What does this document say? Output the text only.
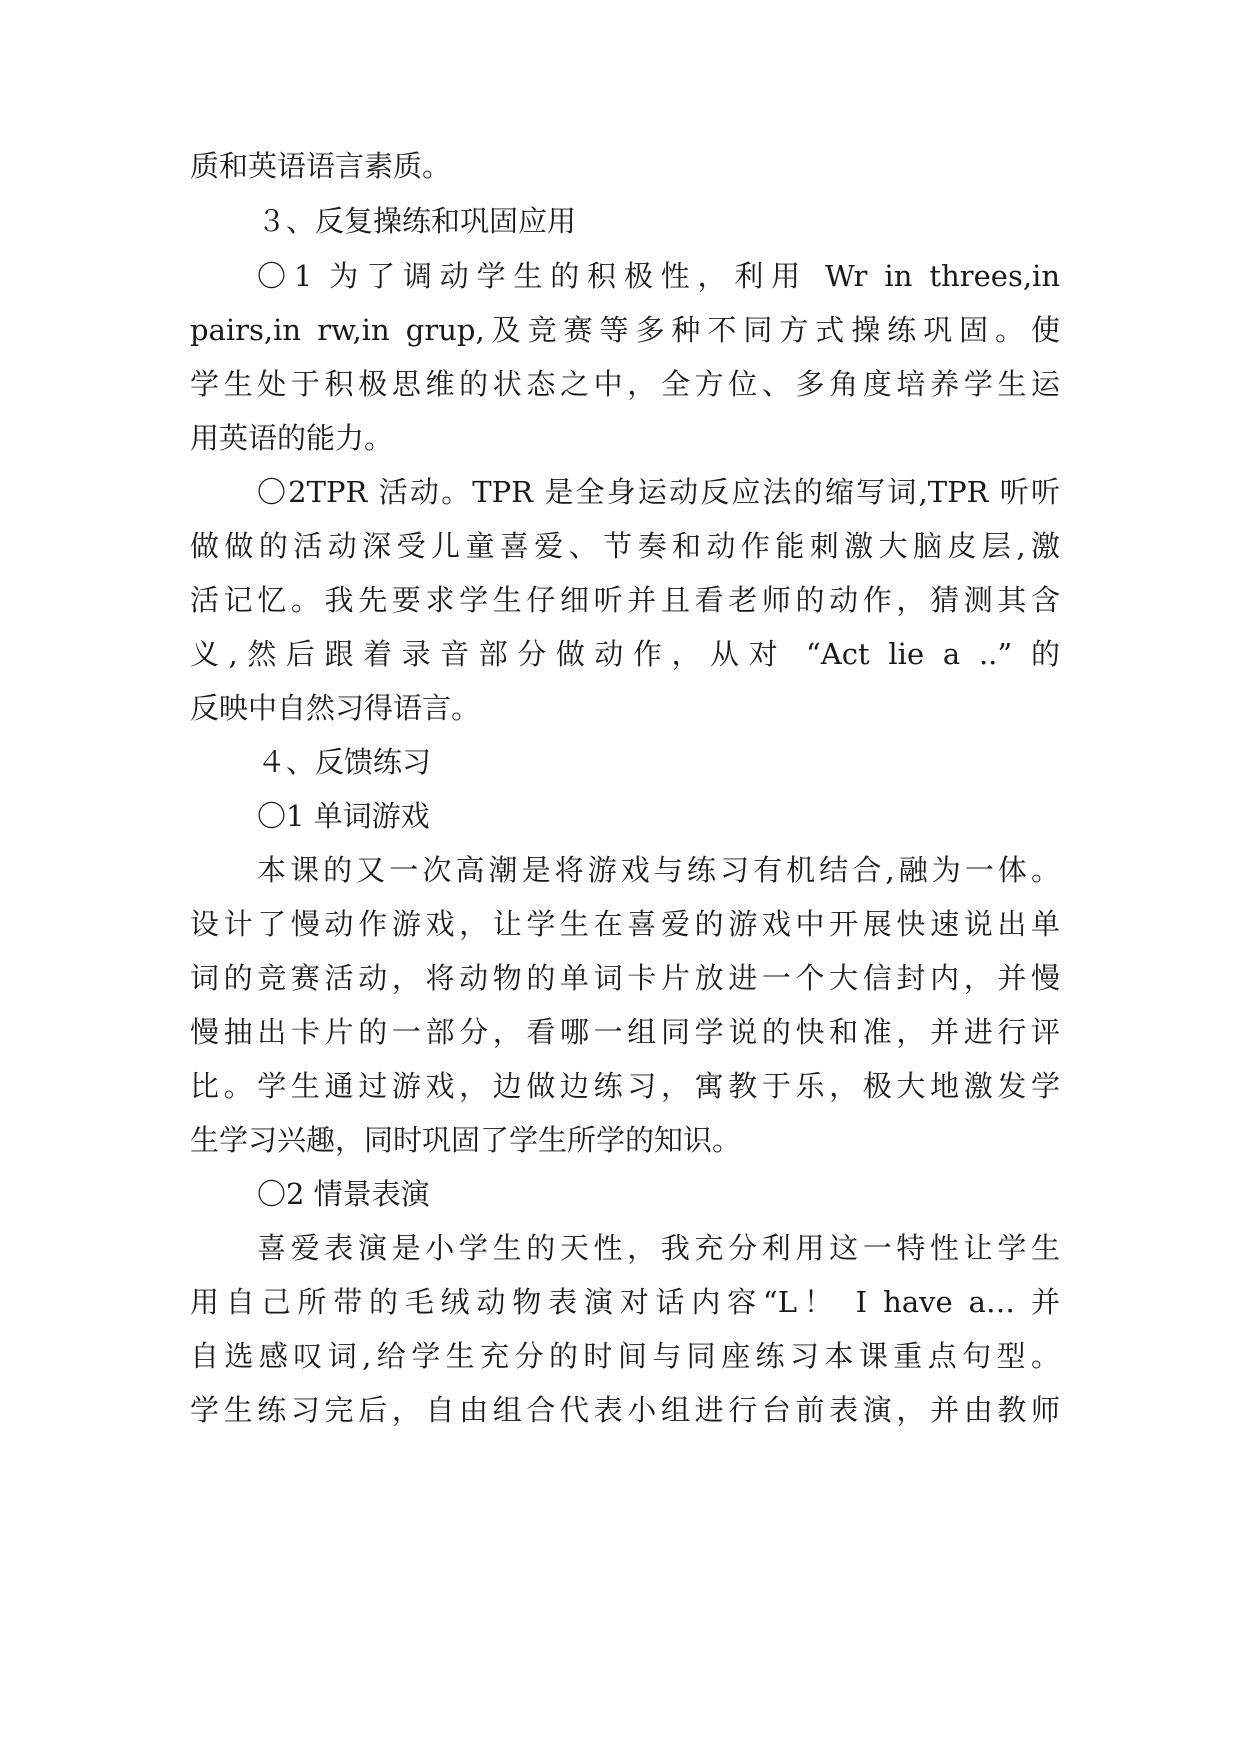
质和英语语言素质。
３、反复操练和巩固应用
〇1 为了调动学生的积极性，利用 Wr in threes,in
pairs,in rw,in grup,及竞赛等多种不同方式操练巩固。使
学生处于积极思维的状态之中，全方位、多角度培养学生运
用英语的能力。
〇2TPR 活动。TPR 是全身运动反应法的缩写词,TPR 听听
做做的活动深受儿童喜爱、节奏和动作能刺激大脑皮层,激
活记忆。我先要求学生仔细听并且看老师的动作，猜测其含
义,然后跟着录音部分做动作，从对 “Act lie a ..” 的
反映中自然习得语言。
４、反馈练习
〇1 单词游戏
本课的又一次高潮是将游戏与练习有机结合,融为一体。
设计了慢动作游戏，让学生在喜爱的游戏中开展快速说出单
词的竞赛活动，将动物的单词卡片放进一个大信封内，并慢
慢抽出卡片的一部分，看哪一组同学说的快和准，并进行评
比。学生通过游戏，边做边练习，寓教于乐，极大地激发学
生学习兴趣，同时巩固了学生所学的知识。
〇2 情景表演
喜爱表演是小学生的天性，我充分利用这一特性让学生
用自己所带的毛绒动物表演对话内容“L！ I have a… 并
自选感叹词,给学生充分的时间与同座练习本课重点句型。
学生练习完后，自由组合代表小组进行台前表演，并由教师
